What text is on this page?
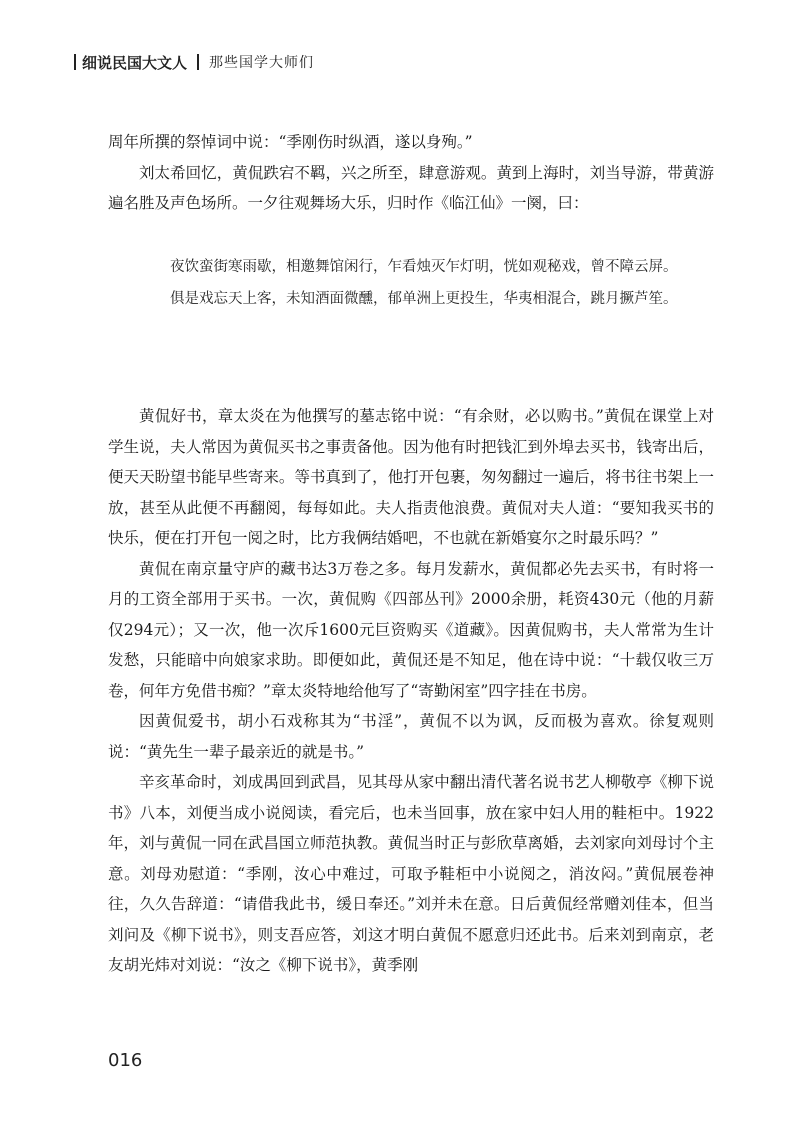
细说民国大文人 那些国学大师们

周年所撰的祭悼词中说：“季刚伤时纵酒，遂以身殉。”

刘太希回忆，黄侃跌宕不羁，兴之所至，肆意游观。黄到上海时，刘当导游，带黄游遍名胜及声色场所。一夕往观舞场大乐，归时作《临江仙》一阕，曰：

夜饮蛮街寒雨歇，相邀舞馆闲行，乍看烛灭乍灯明，恍如观秘戏，曾不障云屏。

俱是戏忘天上客，未知酒面微醺，郁单洲上更投生，华夷相混合，跳月撅芦笙。

黄侃好书，章太炎在为他撰写的墓志铭中说：“有余财，必以购书。”黄侃在课堂上对学生说，夫人常因为黄侃买书之事责备他。因为他有时把钱汇到外埠去买书，钱寄出后，便天天盼望书能早些寄来。等书真到了，他打开包裹，匆匆翻过一遍后，将书往书架上一放，甚至从此便不再翻阅，每每如此。夫人指责他浪费。黄侃对夫人道：“要知我买书的快乐，便在打开包一阅之时，比方我俩结婚吧，不也就在新婚宴尔之时最乐吗？”

黄侃在南京量守庐的藏书达3万卷之多。每月发薪水，黄侃都必先去买书，有时将一月的工资全部用于买书。一次，黄侃购《四部丛刊》2000余册，耗资430元（他的月薪仅294元）；又一次，他一次斥1600元巨资购买《道藏》。因黄侃购书，夫人常常为生计发愁，只能暗中向娘家求助。即便如此，黄侃还是不知足，他在诗中说：“十载仅收三万卷，何年方免借书痴？”章太炎特地给他写了“寄勤闲室”四字挂在书房。

因黄侃爱书，胡小石戏称其为“书淫”，黄侃不以为讽，反而极为喜欢。徐复观则说：“黄先生一辈子最亲近的就是书。”

辛亥革命时，刘成禺回到武昌，见其母从家中翻出清代著名说书艺人柳敬亭《柳下说书》八本，刘便当成小说阅读，看完后，也未当回事，放在家中妇人用的鞋柜中。1922年，刘与黄侃一同在武昌国立师范执教。黄侃当时正与彭欣草离婚，去刘家向刘母讨个主意。刘母劝慰道：“季刚，汝心中难过，可取予鞋柜中小说阅之，消汝闷。”黄侃展卷神往，久久告辞道：“请借我此书，缓日奉还。”刘并未在意。日后黄侃经常赠刘佳本，但当刘问及《柳下说书》，则支吾应答，刘这才明白黄侃不愿意归还此书。后来刘到南京，老友胡光炜对刘说：“汝之《柳下说书》，黄季刚

016
